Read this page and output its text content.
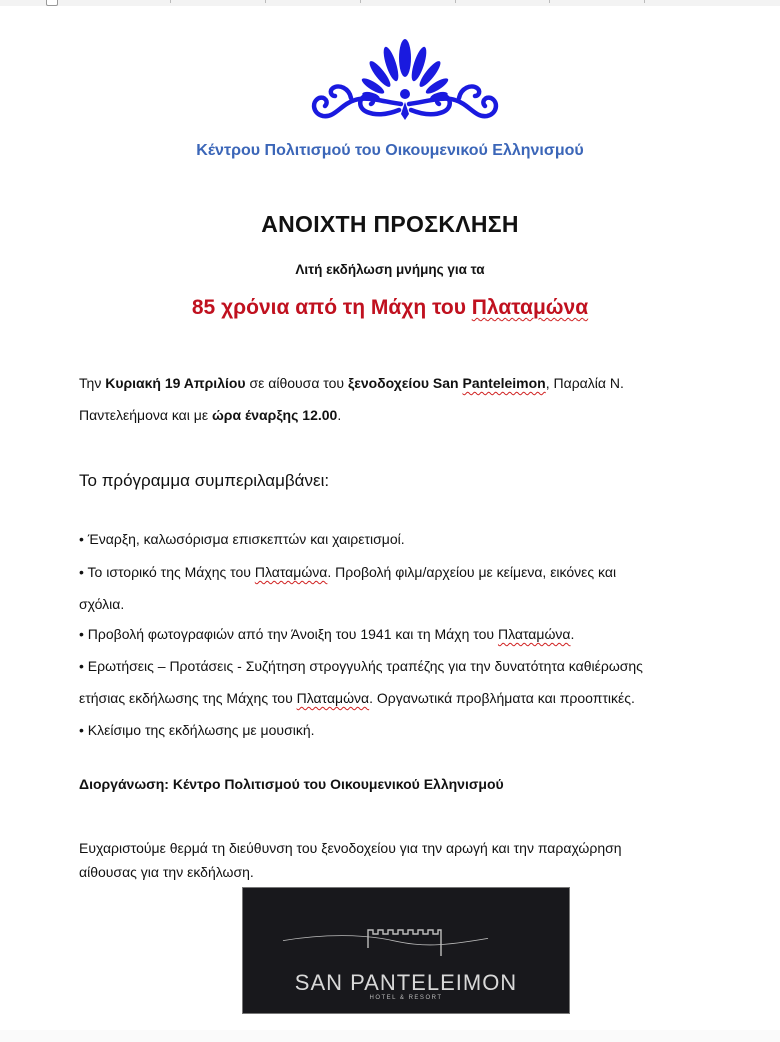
Κέντρου Πολιτισμού του Οικουμενικού Ελληνισμού
ΑΝΟΙΧΤΗ ΠΡΟΣΚΛΗΣΗ
Λιτή εκδήλωση μνήμης για τα
85 χρόνια από τη Μάχη του Πλαταμώνα
Την Κυριακή 19 Απριλίου σε αίθουσα του ξενοδοχείου San Panteleimon, Παραλία Ν.
Παντελεήμονα και με ώρα έναρξης 12.00.
Το πρόγραμμα συμπεριλαμβάνει:
• Έναρξη, καλωσόρισμα επισκεπτών και χαιρετισμοί.
• Το ιστορικό της Μάχης του Πλαταμώνα. Προβολή φιλμ/αρχείου με κείμενα, εικόνες και
σχόλια.
• Προβολή φωτογραφιών από την Άνοιξη του 1941 και τη Μάχη του Πλαταμώνα.
• Ερωτήσεις – Προτάσεις - Συζήτηση στρογγυλής τραπέζης για την δυνατότητα καθιέρωσης
ετήσιας εκδήλωσης της Μάχης του Πλαταμώνα. Οργανωτικά προβλήματα και προοπτικές.
• Κλείσιμο της εκδήλωσης με μουσική.
Διοργάνωση: Κέντρο Πολιτισμού του Οικουμενικού Ελληνισμού
Ευχαριστούμε θερμά τη διεύθυνση του ξενοδοχείου για την αρωγή και την παραχώρηση
αίθουσας για την εκδήλωση.
SAN PANTELEIMON
HOTEL & RESORT
